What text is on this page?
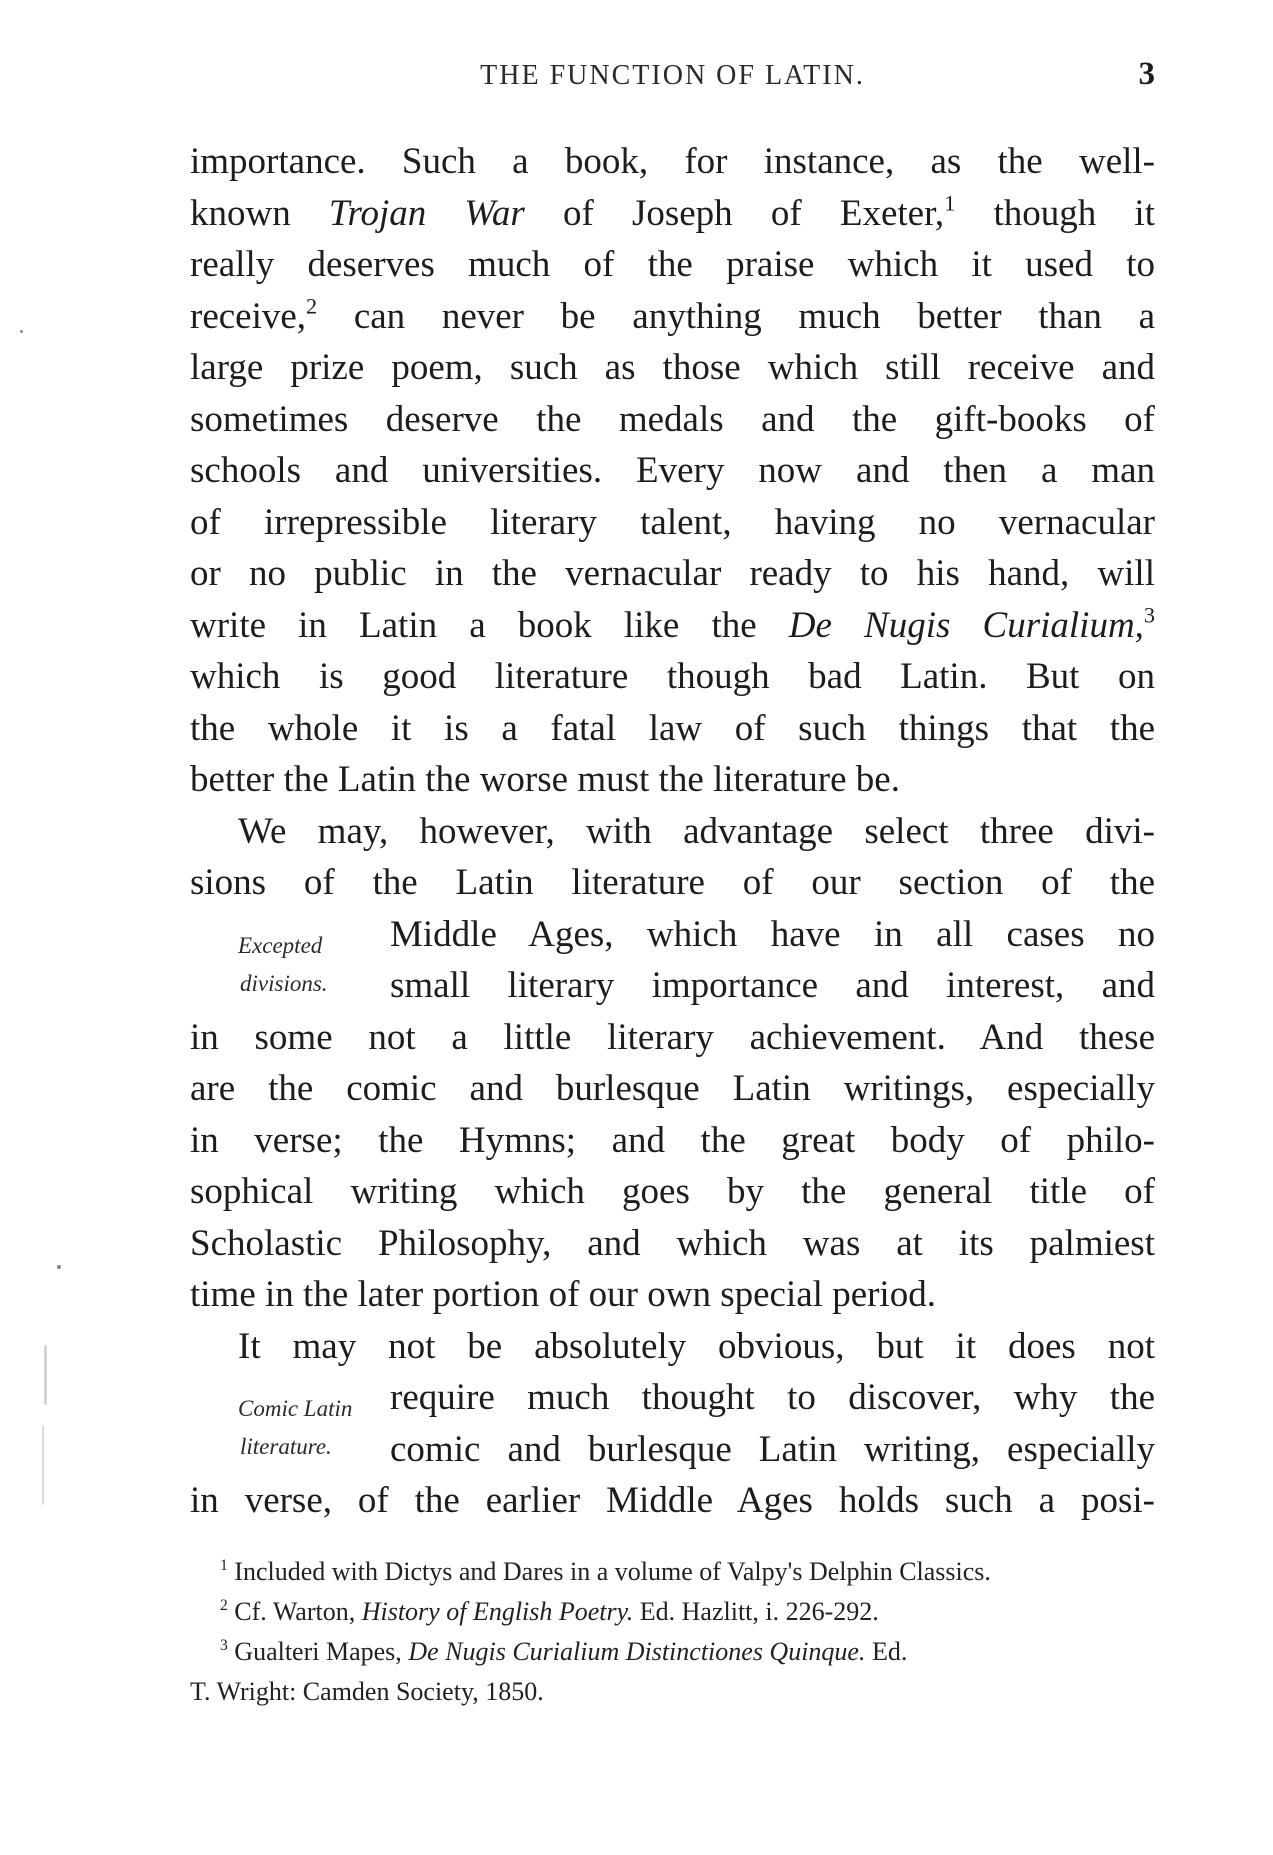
THE FUNCTION OF LATIN.	3
importance. Such a book, for instance, as the well-
known Trojan War of Joseph of Exeter,$^1$ though it
really deserves much of the praise which it used to
receive,$^2$ can never be anything much better than a
large prize poem, such as those which still receive and
sometimes deserve the medals and the gift-books of
schools and universities. Every now and then a man
of irrepressible literary talent, having no vernacular
or no public in the vernacular ready to his hand, will
write in Latin a book like the De Nugis Curialium,$^3$
which is good literature though bad Latin. But on
the whole it is a fatal law of such things that the
better the Latin the worse must the literature be.
We may, however, with advantage select three divi-
sions of the Latin literature of our section of the
Middle Ages, which have in all cases no
small literary importance and interest, and
in some not a little literary achievement. And these
are the comic and burlesque Latin writings, especially
in verse; the Hymns; and the great body of philo-
sophical writing which goes by the general title of
Scholastic Philosophy, and which was at its palmiest
time in the later portion of our own special period.
It may not be absolutely obvious, but it does not
require much thought to discover, why the
comic and burlesque Latin writing, especially
in verse, of the earlier Middle Ages holds such a posi-
Excepted
divisions.
Comic Latin
literature.
$^1$ Included with Dictys and Dares in a volume of Valpy's Delphin Classics.
$^2$ Cf. Warton, History of English Poetry. Ed. Hazlitt, i. 226-292.
$^3$ Gualteri Mapes, De Nugis Curialium Distinctiones Quinque. Ed.
T. Wright: Camden Society, 1850.
